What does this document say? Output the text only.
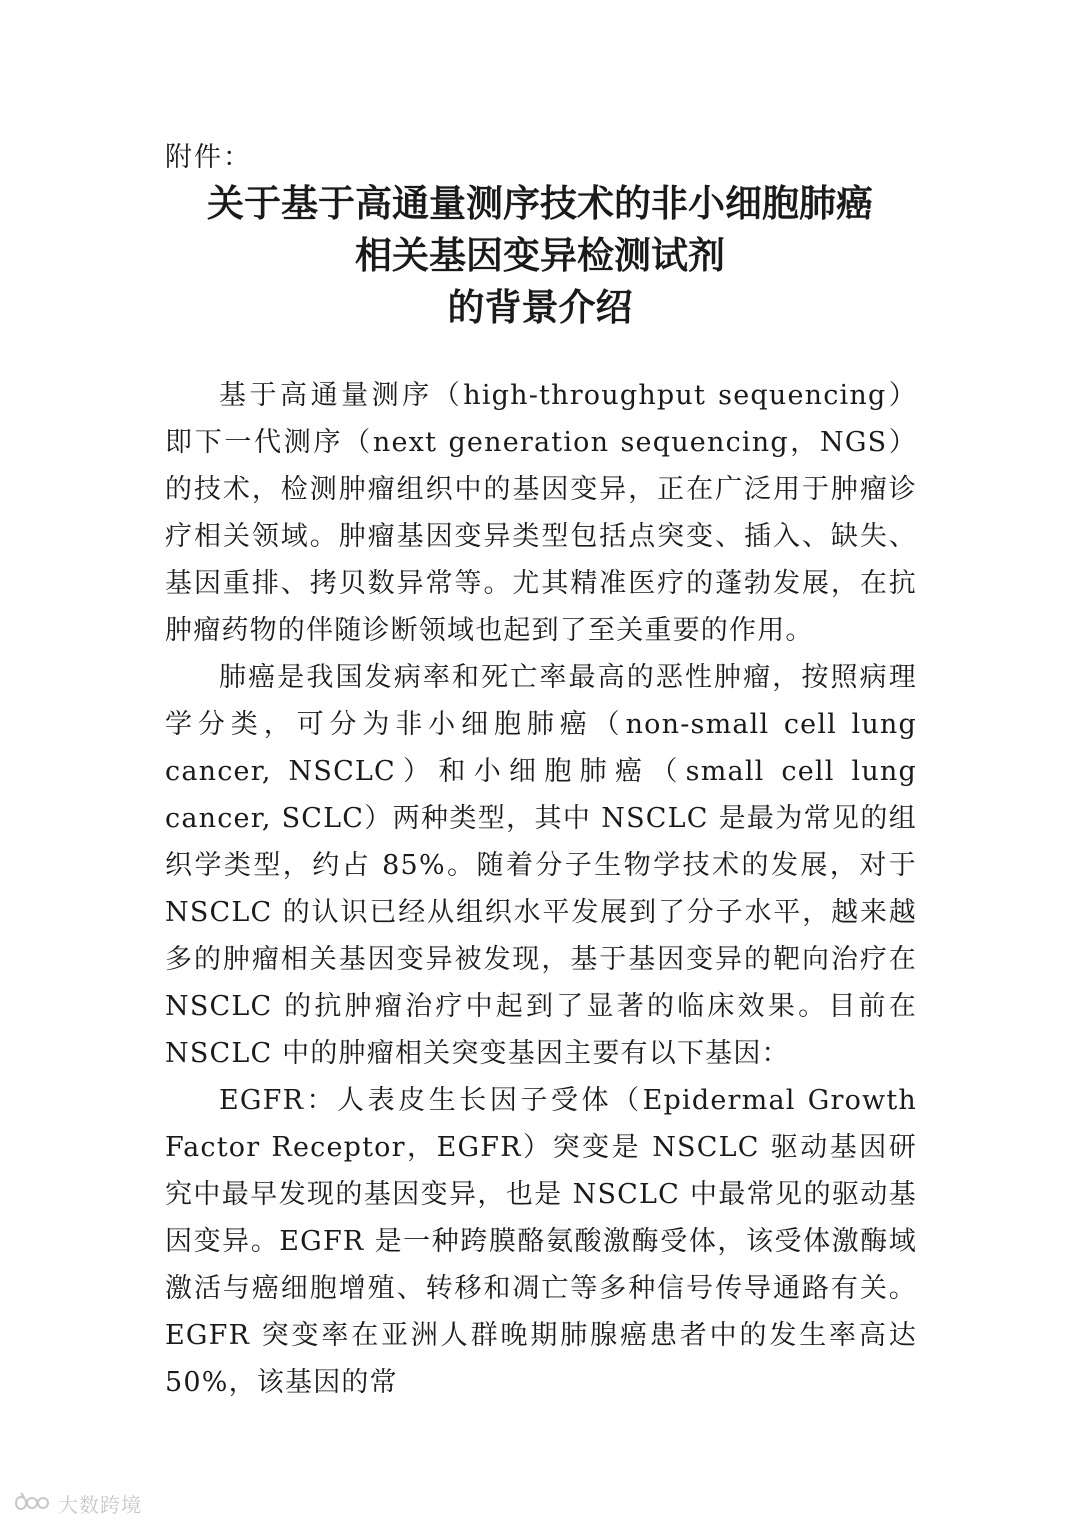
附件：
关于基于高通量测序技术的非小细胞肺癌
相关基因变异检测试剂
的背景介绍

基于高通量测序（high-throughput sequencing）即下一代测序（next generation sequencing，NGS）的技术，检测肿瘤组织中的基因变异，正在广泛用于肿瘤诊疗相关领域。肿瘤基因变异类型包括点突变、插入、缺失、基因重排、拷贝数异常等。尤其精准医疗的蓬勃发展，在抗肿瘤药物的伴随诊断领域也起到了至关重要的作用。

肺癌是我国发病率和死亡率最高的恶性肿瘤，按照病理学分类，可分为非小细胞肺癌（non-small cell lung cancer, NSCLC）和小细胞肺癌（small cell lung cancer, SCLC）两种类型，其中 NSCLC 是最为常见的组织学类型，约占 85%。随着分子生物学技术的发展，对于 NSCLC 的认识已经从组织水平发展到了分子水平，越来越多的肿瘤相关基因变异被发现，基于基因变异的靶向治疗在 NSCLC 的抗肿瘤治疗中起到了显著的临床效果。目前在 NSCLC 中的肿瘤相关突变基因主要有以下基因：

EGFR：人表皮生长因子受体（Epidermal Growth Factor Receptor，EGFR）突变是 NSCLC 驱动基因研究中最早发现的基因变异，也是 NSCLC 中最常见的驱动基因变异。EGFR 是一种跨膜酪氨酸激酶受体，该受体激酶域激活与癌细胞增殖、转移和凋亡等多种信号传导通路有关。EGFR 突变率在亚洲人群晚期肺腺癌患者中的发生率高达 50%，该基因的常

大数跨境
